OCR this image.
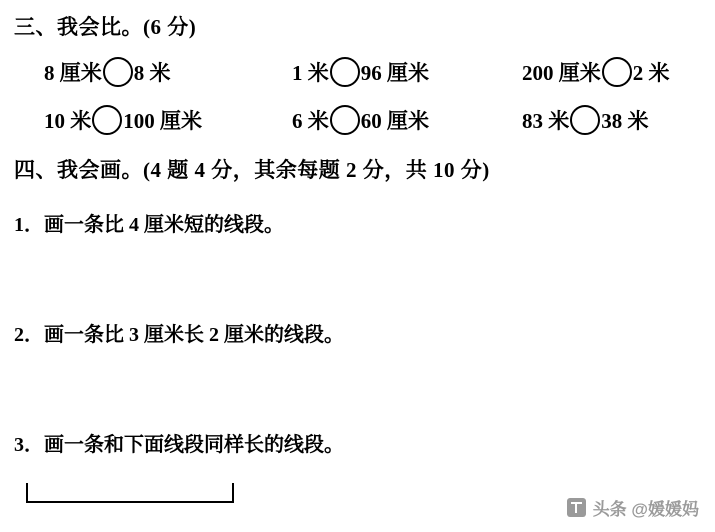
三、我会比。(6 分)
8 厘米 8 米	1 米 96 厘米	200 厘米 2 米
10 米 100 厘米	6 米 60 厘米	83 米 38 米
四、我会画。(4 题 4 分，其余每题 2 分，共 10 分)
1．画一条比 4 厘米短的线段。
2．画一条比 3 厘米长 2 厘米的线段。
3．画一条和下面线段同样长的线段。
头条 @媛媛妈
